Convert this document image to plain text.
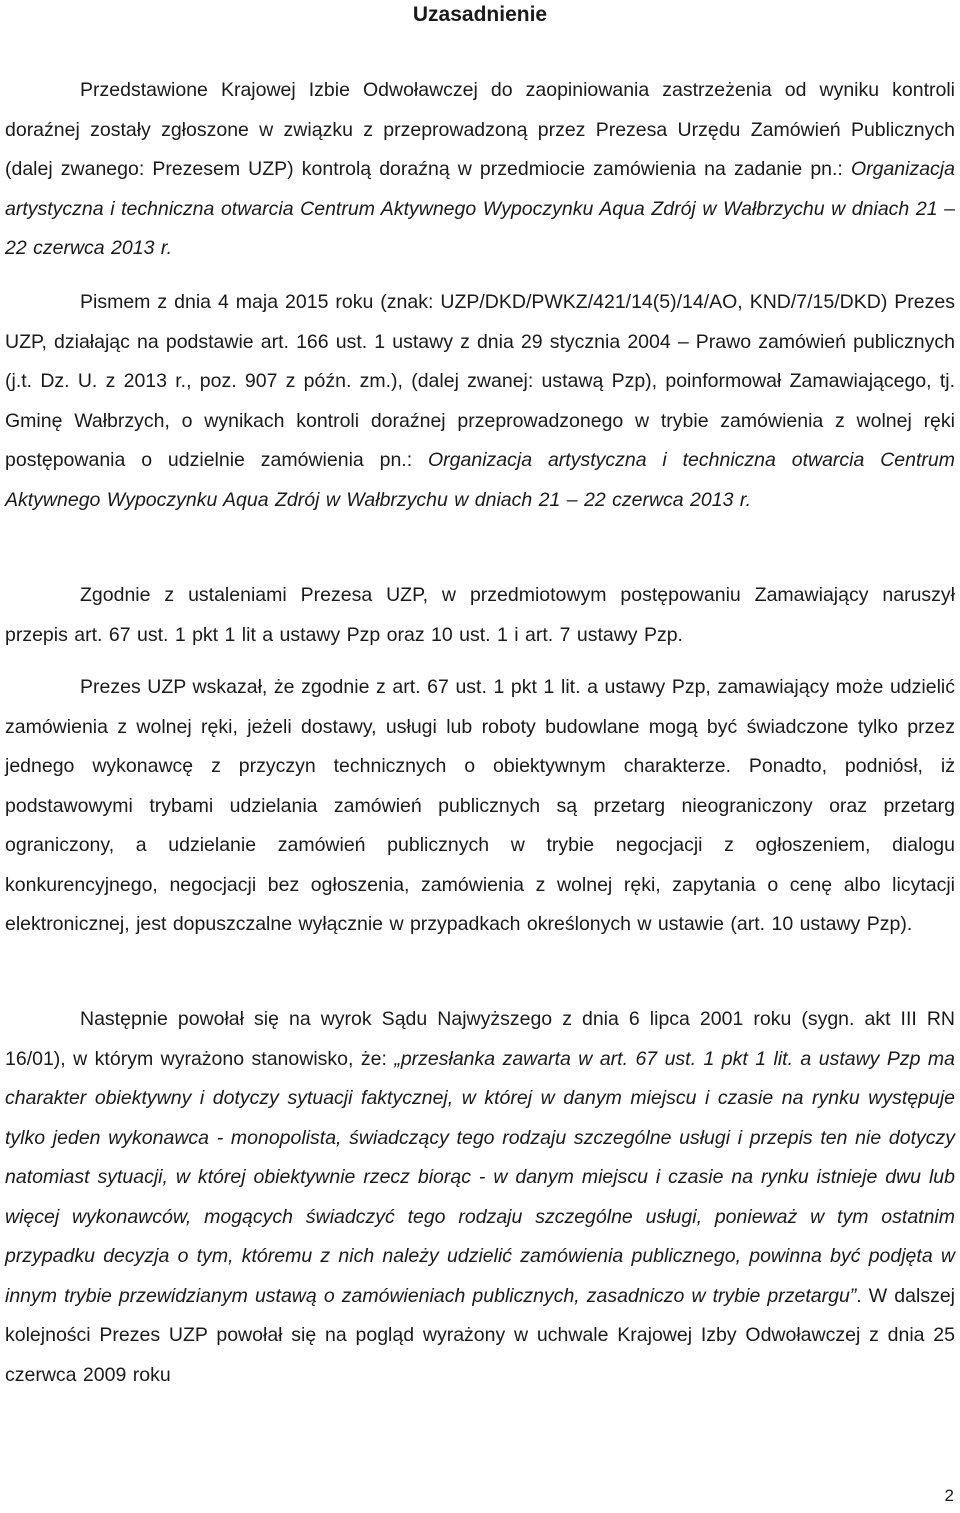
Uzasadnienie

Przedstawione Krajowej Izbie Odwoławczej do zaopiniowania zastrzeżenia od wyniku kontroli doraźnej zostały zgłoszone w związku z przeprowadzoną przez Prezesa Urzędu Zamówień Publicznych (dalej zwanego: Prezesem UZP) kontrolą doraźną w przedmiocie zamówienia na zadanie pn.: Organizacja artystyczna i techniczna otwarcia Centrum Aktywnego Wypoczynku Aqua Zdrój w Wałbrzychu w dniach 21 – 22 czerwca 2013 r.

Pismem z dnia 4 maja 2015 roku (znak: UZP/DKD/PWKZ/421/14(5)/14/AO, KND/7/15/DKD) Prezes UZP, działając na podstawie art. 166 ust. 1 ustawy z dnia 29 stycznia 2004 – Prawo zamówień publicznych (j.t. Dz. U. z 2013 r., poz. 907 z późn. zm.), (dalej zwanej: ustawą Pzp), poinformował Zamawiającego, tj. Gminę Wałbrzych, o wynikach kontroli doraźnej przeprowadzonego w trybie zamówienia z wolnej ręki postępowania o udzielnie zamówienia pn.: Organizacja artystyczna i techniczna otwarcia Centrum Aktywnego Wypoczynku Aqua Zdrój w Wałbrzychu w dniach 21 – 22 czerwca 2013 r.

Zgodnie z ustaleniami Prezesa UZP, w przedmiotowym postępowaniu Zamawiający naruszył przepis art. 67 ust. 1 pkt 1 lit a ustawy Pzp oraz 10 ust. 1 i art. 7 ustawy Pzp.

Prezes UZP wskazał, że zgodnie z art. 67 ust. 1 pkt 1 lit. a ustawy Pzp, zamawiający może udzielić zamówienia z wolnej ręki, jeżeli dostawy, usługi lub roboty budowlane mogą być świadczone tylko przez jednego wykonawcę z przyczyn technicznych o obiektywnym charakterze. Ponadto, podniósł, iż podstawowymi trybami udzielania zamówień publicznych są przetarg nieograniczony oraz przetarg ograniczony, a udzielanie zamówień publicznych w trybie negocjacji z ogłoszeniem, dialogu konkurencyjnego, negocjacji bez ogłoszenia, zamówienia z wolnej ręki, zapytania o cenę albo licytacji elektronicznej, jest dopuszczalne wyłącznie w przypadkach określonych w ustawie (art. 10 ustawy Pzp).

Następnie powołał się na wyrok Sądu Najwyższego z dnia 6 lipca 2001 roku (sygn. akt III RN 16/01), w którym wyrażono stanowisko, że: „przesłanka zawarta w art. 67 ust. 1 pkt 1 lit. a ustawy Pzp ma charakter obiektywny i dotyczy sytuacji faktycznej, w której w danym miejscu i czasie na rynku występuje tylko jeden wykonawca - monopolista, świadczący tego rodzaju szczególne usługi i przepis ten nie dotyczy natomiast sytuacji, w której obiektywnie rzecz biorąc - w danym miejscu i czasie na rynku istnieje dwu lub więcej wykonawców, mogących świadczyć tego rodzaju szczególne usługi, ponieważ w tym ostatnim przypadku decyzja o tym, któremu z nich należy udzielić zamówienia publicznego, powinna być podjęta w innym trybie przewidzianym ustawą o zamówieniach publicznych, zasadniczo w trybie przetargu”. W dalszej kolejności Prezes UZP powołał się na pogląd wyrażony w uchwale Krajowej Izby Odwoławczej z dnia 25 czerwca 2009 roku

2
